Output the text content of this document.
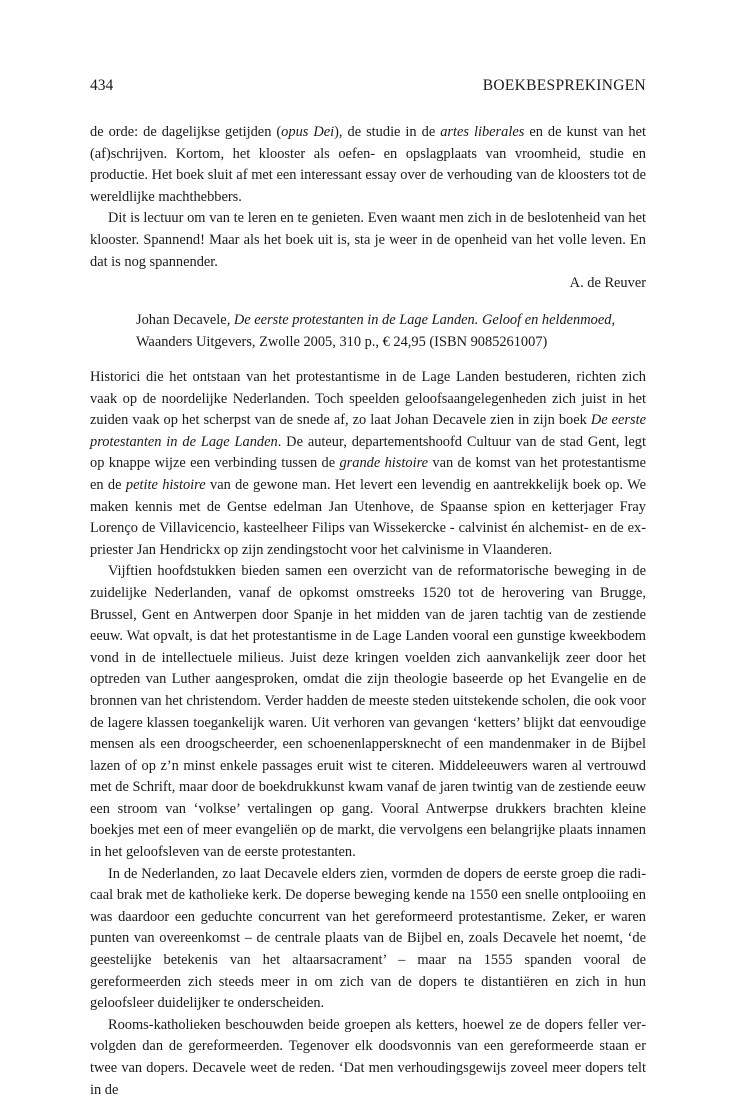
434	BOEKBESPREKINGEN

de orde: de dagelijkse getijden (opus Dei), de studie in de artes liberales en de kunst van het (af)schrijven. Kortom, het klooster als oefen- en opslagplaats van vroomheid, studie en productie. Het boek sluit af met een interessant essay over de verhouding van de kloosters tot de wereldlijke machthebbers.

Dit is lectuur om van te leren en te genieten. Even waant men zich in de beslotenheid van het klooster. Spannend! Maar als het boek uit is, sta je weer in de openheid van het volle leven. En dat is nog spannender.

A. de Reuver

Johan Decavele, De eerste protestanten in de Lage Landen. Geloof en heldenmoed, Waanders Uitgevers, Zwolle 2005, 310 p., € 24,95 (ISBN 9085261007)

Historici die het ontstaan van het protestantisme in de Lage Landen bestuderen, richten zich vaak op de noordelijke Nederlanden. Toch speelden geloofsaangelegenheden zich juist in het zuiden vaak op het scherpst van de snede af, zo laat Johan Decavele zien in zijn boek De eerste protestanten in de Lage Landen. De auteur, departementshoofd Cultuur van de stad Gent, legt op knappe wijze een verbinding tussen de grande histoire van de komst van het protestantisme en de petite histoire van de gewone man. Het levert een levendig en aantrekkelijk boek op. We maken kennis met de Gentse edelman Jan Utenhove, de Spaanse spion en ketterjager Fray Lorenço de Villavicencio, kasteelheer Filips van Wissekercke - calvinist én alchemist- en de ex-priester Jan Hendrickx op zijn zendingstocht voor het calvinisme in Vlaanderen.

Vijftien hoofdstukken bieden samen een overzicht van de reformatorische beweging in de zuidelijke Nederlanden, vanaf de opkomst omstreeks 1520 tot de herovering van Brugge, Brussel, Gent en Antwerpen door Spanje in het midden van de jaren tachtig van de zestiende eeuw. Wat opvalt, is dat het protestantisme in de Lage Landen vooral een gunstige kweekbodem vond in de intellectuele milieus. Juist deze kringen voelden zich aanvankelijk zeer door het optreden van Luther aangesproken, omdat die zijn theologie baseerde op het Evangelie en de bronnen van het christendom. Verder hadden de meeste steden uitstekende scholen, die ook voor de lagere klassen toegankelijk waren. Uit verhoren van gevangen ‘ketters’ blijkt dat eenvoudige mensen als een droogscheerder, een schoenenlappersknecht of een mandenmaker in de Bijbel lazen of op z’n minst enkele passages eruit wist te citeren. Middeleeuwers waren al vertrouwd met de Schrift, maar door de boekdrukkunst kwam vanaf de jaren twintig van de zestiende eeuw een stroom van ‘volkse’ vertalingen op gang. Vooral Antwerpse drukkers brachten kleine boekjes met een of meer evangeliën op de markt, die vervolgens een belangrijke plaats innamen in het geloofsleven van de eerste protestanten.

In de Nederlanden, zo laat Decavele elders zien, vormden de dopers de eerste groep die radicaal brak met de katholieke kerk. De doperse beweging kende na 1550 een snelle ontplooiing en was daardoor een geduchte concurrent van het gereformeerd protestantisme. Zeker, er waren punten van overeenkomst – de centrale plaats van de Bijbel en, zoals Decavele het noemt, ‘de geestelijke betekenis van het altaarsacrament’ – maar na 1555 spanden vooral de gereformeerden zich steeds meer in om zich van de dopers te distantiëren en zich in hun geloofsleer duidelijker te onderscheiden.

Rooms-katholieken beschouwden beide groepen als ketters, hoewel ze de dopers feller vervolgden dan de gereformeerden. Tegenover elk doodsvonnis van een gereformeerde staan er twee van dopers. Decavele weet de reden. ‘Dat men verhoudingsgewijs zoveel meer dopers telt in de
